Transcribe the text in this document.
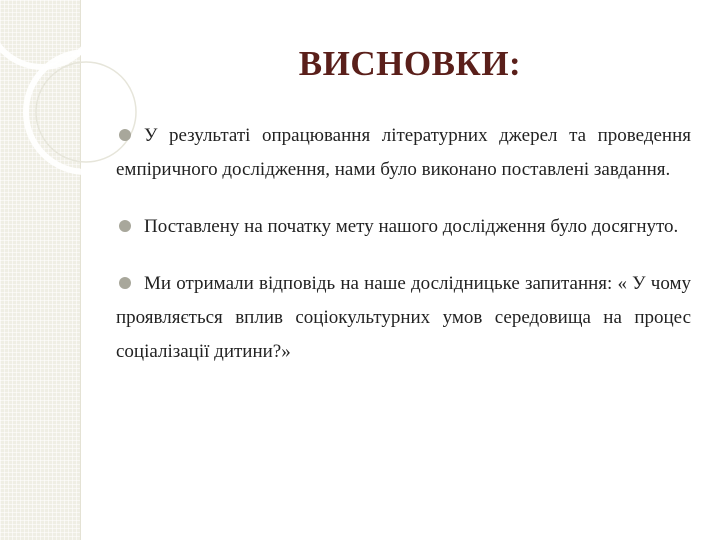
ВИСНОВКИ:

У результаті опрацювання літературних джерел та проведення емпіричного дослідження, нами було виконано поставлені завдання.

Поставлену на початку мету нашого дослідження було досягнуто.

Ми отримали відповідь на наше дослідницьке запитання: « У чому проявляється вплив соціокультурних умов середовища на процес соціалізації дитини?»
